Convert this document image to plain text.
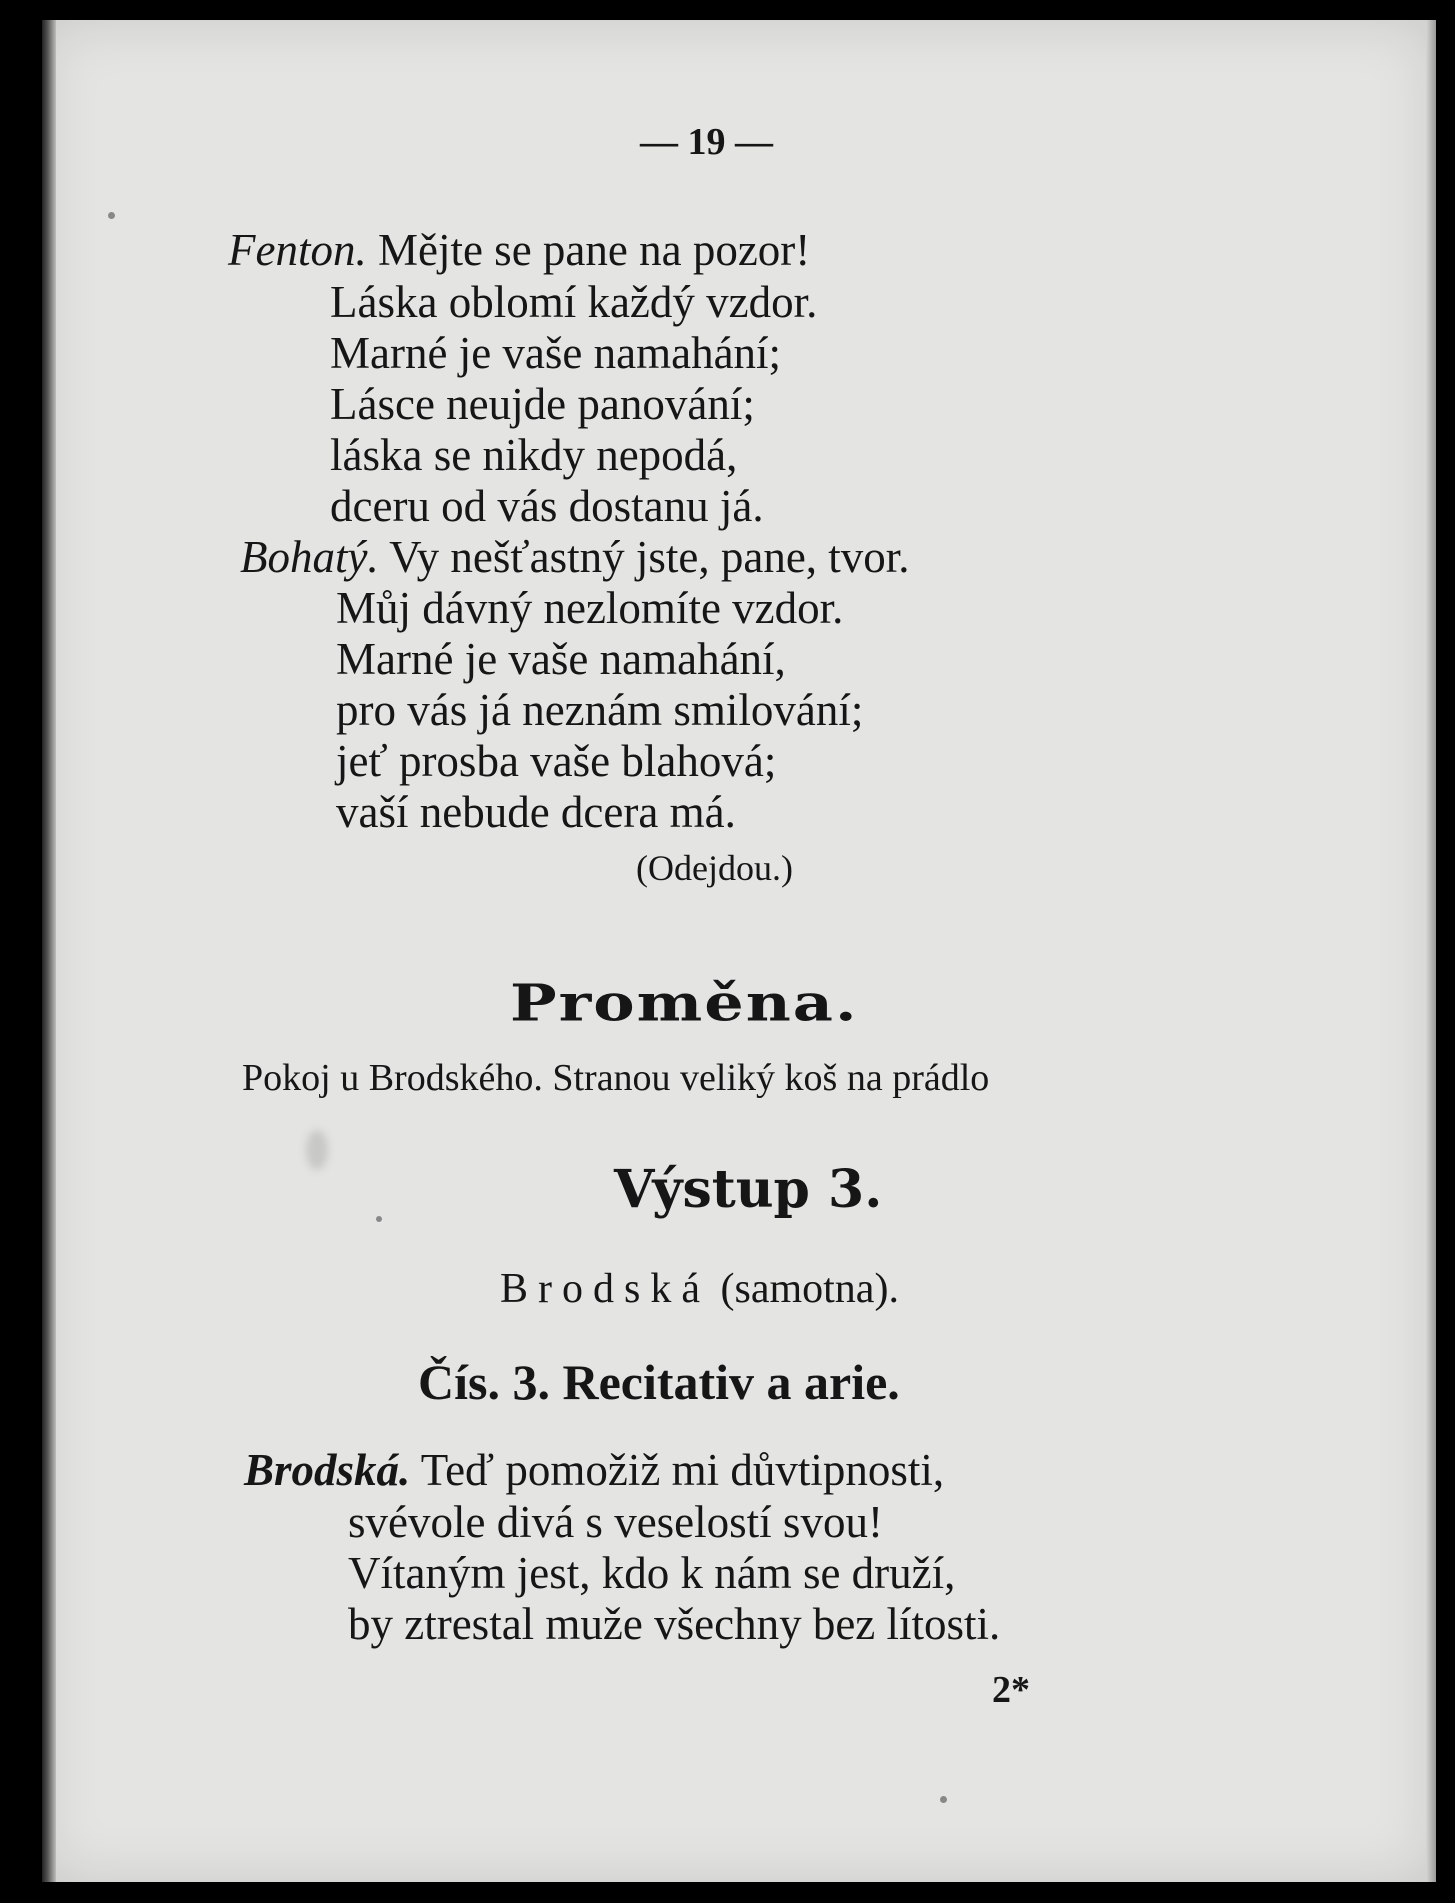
— 19 —
Fenton. Mějte se pane na pozor!
Láska oblomí každý vzdor.
Marné je vaše namahání;
Lásce neujde panování;
láska se nikdy nepodá,
dceru od vás dostanu já.
Bohatý. Vy nešťastný jste, pane, tvor.
Můj dávný nezlomíte vzdor.
Marné je vaše namahání,
pro vás já neznám smilování;
jeť prosba vaše blahová;
vaší nebude dcera má.
(Odejdou.)
Proměna.
Pokoj u Brodského. Stranou veliký koš na prádlo
Výstup 3.
Brodská (samotna).
Čís. 3. Recitativ a arie.
Brodská. Teď pomožiž mi důvtipnosti,
svévole divá s veselostí svou!
Vítaným jest, kdo k nám se druží,
by ztrestal muže všechny bez lítosti.
2*
